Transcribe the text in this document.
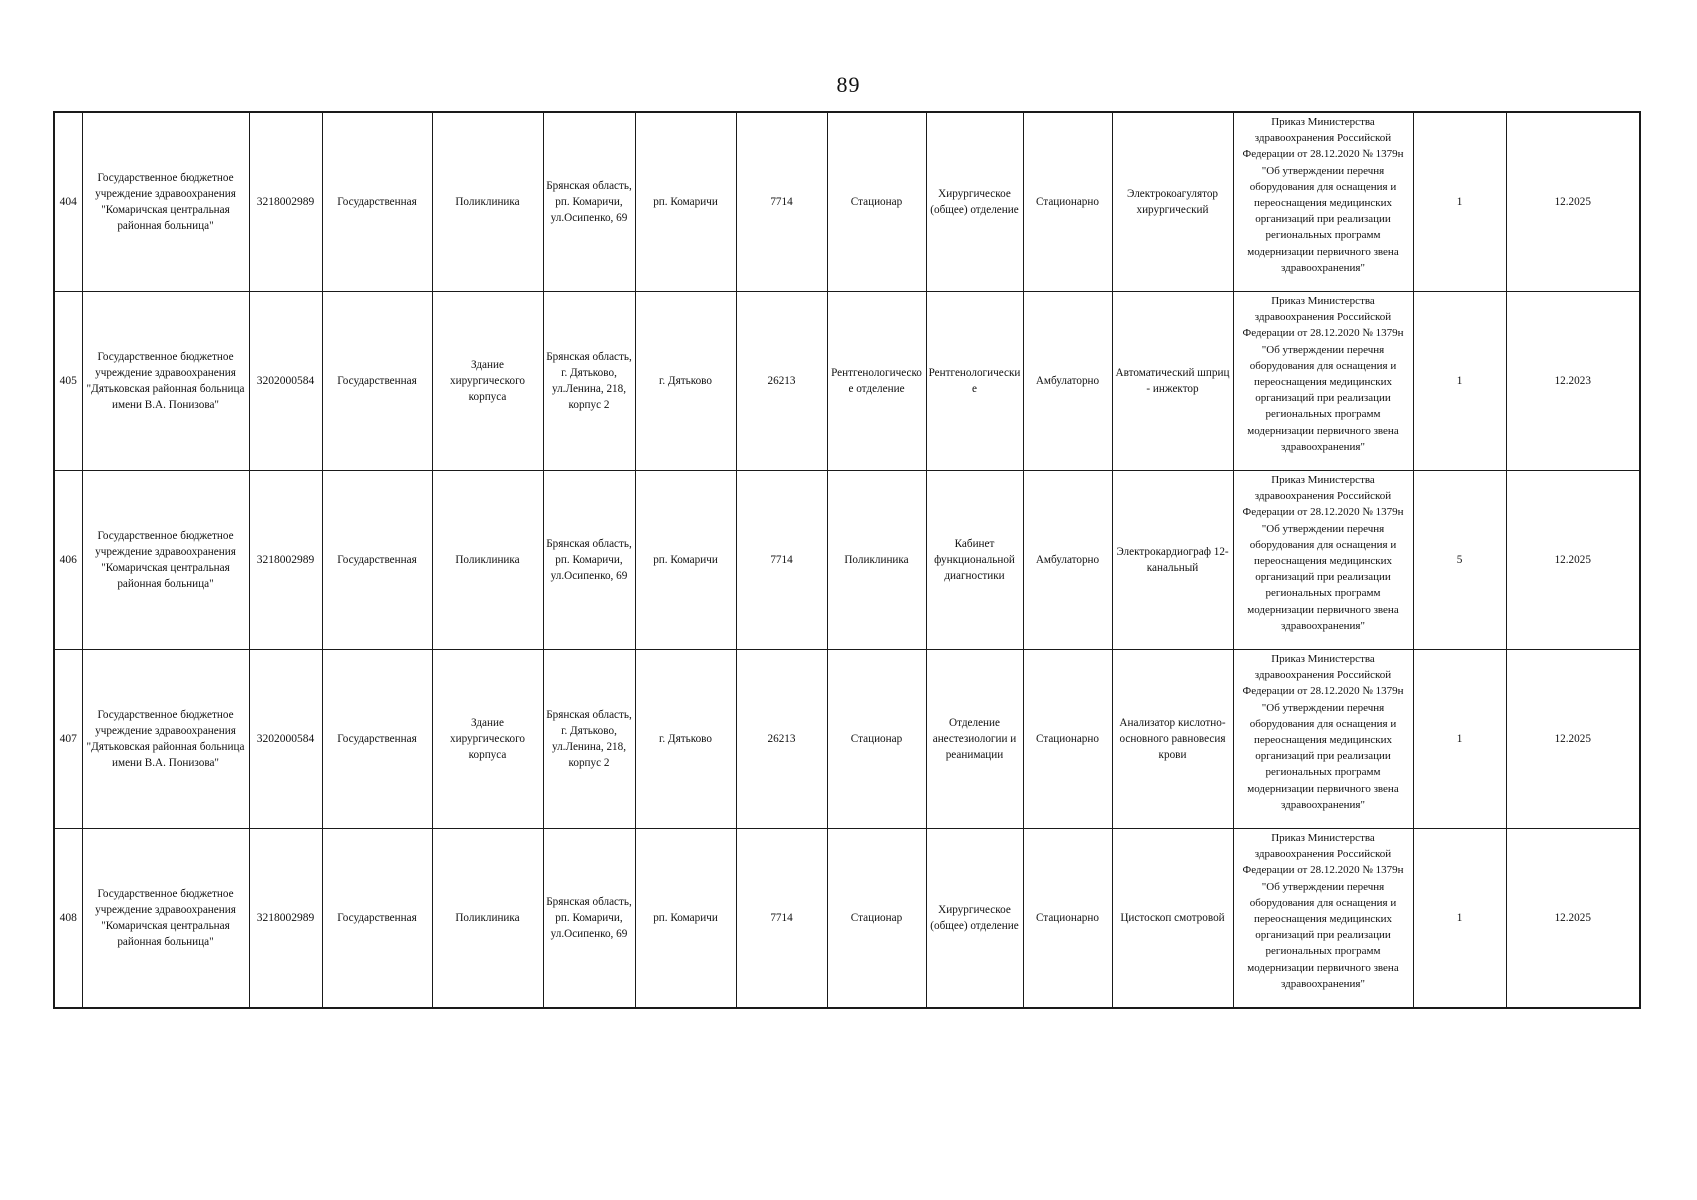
89
404	Государственное бюджетное учреждение здравоохранения "Комаричская центральная районная больница"	3218002989	Государственная	Поликлиника	Брянская область, рп. Комаричи, ул.Осипенко, 69	рп. Комаричи	7714	Стационар	Хирургическое (общее) отделение	Стационарно	Электрокоагулятор хирургический	Приказ Министерства здравоохранения Российской Федерации от 28.12.2020 № 1379н "Об утверждении перечня оборудования для оснащения и переоснащения медицинских организаций при реализации региональных программ модернизации первичного звена здравоохранения"	1	12.2025
405	Государственное бюджетное учреждение здравоохранения "Дятьковская районная больница имени В.А. Понизова"	3202000584	Государственная	Здание хирургического корпуса	Брянская область, г. Дятьково, ул.Ленина, 218, корпус 2	г. Дятьково	26213	Рентгенологическое отделение	Рентгенологические	Амбулаторно	Автоматический шприц - инжектор	Приказ Министерства здравоохранения Российской Федерации от 28.12.2020 № 1379н "Об утверждении перечня оборудования для оснащения и переоснащения медицинских организаций при реализации региональных программ модернизации первичного звена здравоохранения"	1	12.2023
406	Государственное бюджетное учреждение здравоохранения "Комаричская центральная районная больница"	3218002989	Государственная	Поликлиника	Брянская область, рп. Комаричи, ул.Осипенко, 69	рп. Комаричи	7714	Поликлиника	Кабинет функциональной диагностики	Амбулаторно	Электрокардиограф 12-канальный	Приказ Министерства здравоохранения Российской Федерации от 28.12.2020 № 1379н "Об утверждении перечня оборудования для оснащения и переоснащения медицинских организаций при реализации региональных программ модернизации первичного звена здравоохранения"	5	12.2025
407	Государственное бюджетное учреждение здравоохранения "Дятьковская районная больница имени В.А. Понизова"	3202000584	Государственная	Здание хирургического корпуса	Брянская область, г. Дятьково, ул.Ленина, 218, корпус 2	г. Дятьково	26213	Стационар	Отделение анестезиологии и реанимации	Стационарно	Анализатор кислотно-основного равновесия крови	Приказ Министерства здравоохранения Российской Федерации от 28.12.2020 № 1379н "Об утверждении перечня оборудования для оснащения и переоснащения медицинских организаций при реализации региональных программ модернизации первичного звена здравоохранения"	1	12.2025
408	Государственное бюджетное учреждение здравоохранения "Комаричская центральная районная больница"	3218002989	Государственная	Поликлиника	Брянская область, рп. Комаричи, ул.Осипенко, 69	рп. Комаричи	7714	Стационар	Хирургическое (общее) отделение	Стационарно	Цистоскоп смотровой	Приказ Министерства здравоохранения Российской Федерации от 28.12.2020 № 1379н "Об утверждении перечня оборудования для оснащения и переоснащения медицинских организаций при реализации региональных программ модернизации первичного звена здравоохранения"	1	12.2025
